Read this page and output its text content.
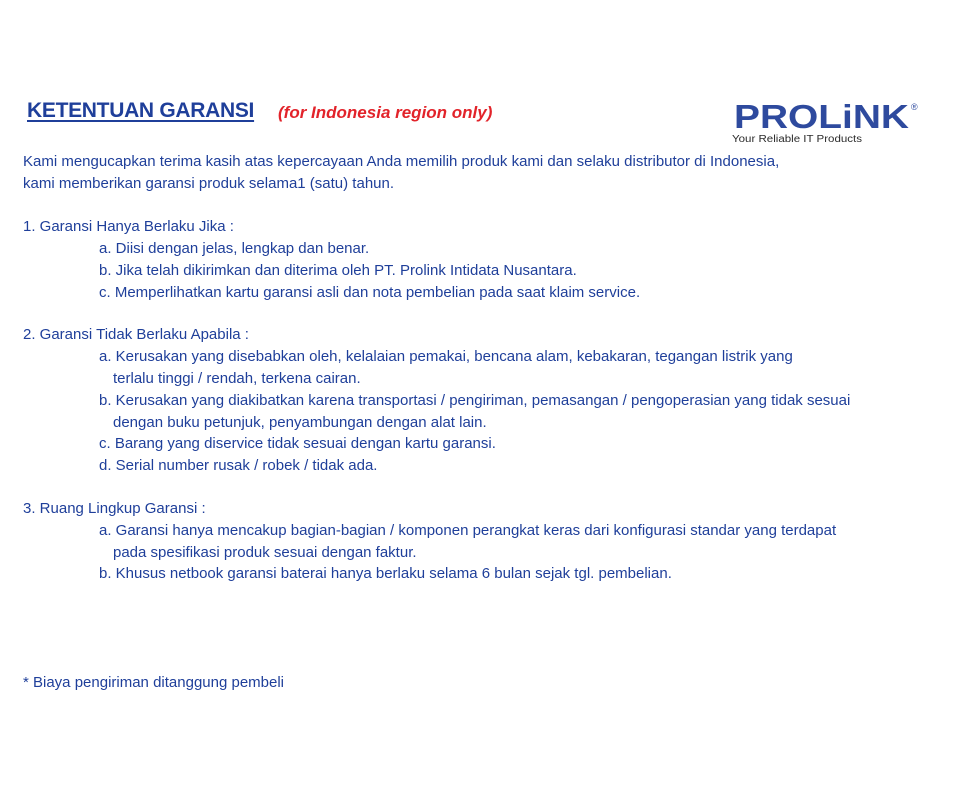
KETENTUAN GARANSI (for Indonesia region only)	PROLiNK ®
Your Reliable IT Products
Kami mengucapkan terima kasih atas kepercayaan Anda memilih produk kami dan selaku distributor di Indonesia,
kami memberikan garansi produk selama1 (satu) tahun.
1. Garansi Hanya Berlaku Jika :
a. Diisi dengan jelas, lengkap dan benar.
b. Jika telah dikirimkan dan diterima oleh PT. Prolink Intidata Nusantara.
c. Memperlihatkan kartu garansi asli dan nota pembelian pada saat klaim service.
2. Garansi Tidak Berlaku Apabila :
a. Kerusakan yang disebabkan oleh, kelalaian pemakai, bencana alam, kebakaran, tegangan listrik yang
terlalu tinggi / rendah, terkena cairan.
b. Kerusakan yang diakibatkan karena transportasi / pengiriman, pemasangan / pengoperasian yang tidak sesuai
dengan buku petunjuk, penyambungan dengan alat lain.
c. Barang yang diservice tidak sesuai dengan kartu garansi.
d. Serial number rusak / robek / tidak ada.
3. Ruang Lingkup Garansi :
a. Garansi hanya mencakup bagian-bagian / komponen perangkat keras dari konfigurasi standar yang terdapat
pada spesifikasi produk sesuai dengan faktur.
b. Khusus netbook garansi baterai hanya berlaku selama 6 bulan sejak tgl. pembelian.
* Biaya pengiriman ditanggung pembeli
